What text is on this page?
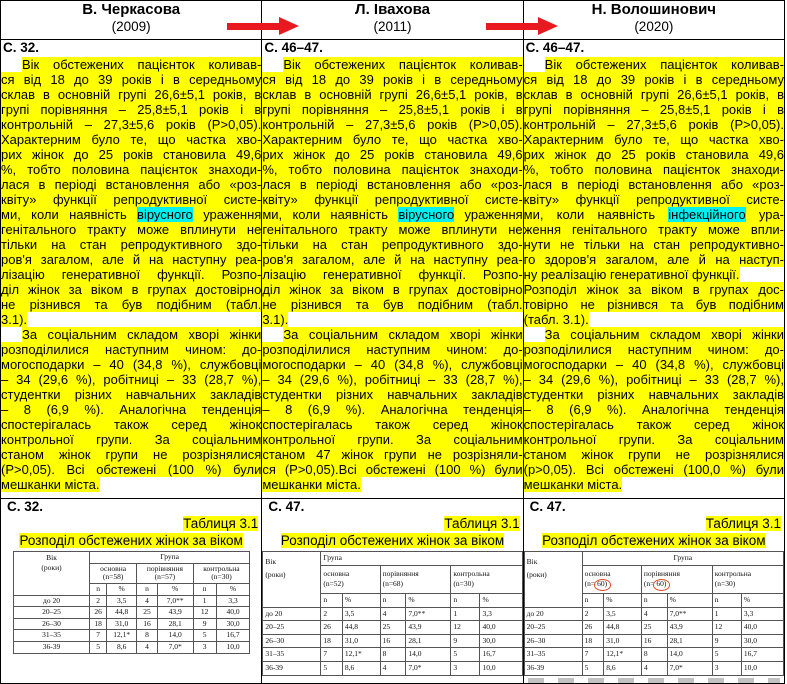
В. Черкасова
(2009)

Л. Івахова
(2011)

Н. Волошинович
(2020)

С. 32.
Вік обстежених пацієнток коливав-
ся від 18 до 39 років і в середньому
склав в основній групі 26,6±5,1 років, в
групі порівняння – 25,8±5,1 років і в
контрольній – 27,3±5,6 років (Р>0,05).
Характерним було те, що частка хво-
рих жінок до 25 років становила 49,6
%, тобто половина пацієнток знаходи-
лася в періоді встановлення або «роз-
квіту» функції репродуктивної систе-
ми, коли наявність вірусного ураження
генітального тракту може вплинути не
тільки на стан репродуктивного здо-
ров'я загалом, але й на наступну реа-
лізацію генеративної функції. Розпо-
діл жінок за віком в групах достовірно
не різнився та був подібним (табл.
3.1).
За соціальним складом хворі жінки
розподілилися наступним чином: до-
могосподарки – 40 (34,8 %), службовці
– 34 (29,6 %), робітниці – 33 (28,7 %),
студентки різних навчальних закладів
– 8 (6,9 %). Аналогічна тенденція
спостерігалась також серед жінок
контрольної групи. За соціальним
станом жінок групи не розрізнялися
(Р>0,05). Всі обстежені (100 %) були
мешканки міста.

С. 46–47.
Вік обстежених пацієнток коливав-
ся від 18 до 39 років і в середньому
склав в основній групі 26,6±5,1 років, в
групі порівняння – 25,8±5,1 років і в
контрольній – 27,3±5,6 років (Р>0,05).
Характерним було те, що частка хво-
рих жінок до 25 років становила 49,6
%, тобто половина пацієнток знаходи-
лася в періоді встановлення або «роз-
квіту» функції репродуктивної систе-
ми, коли наявність вірусного ураження
генітального тракту може вплинути не
тільки на стан репродуктивного здо-
ров'я загалом, але й на наступну реа-
лізацію генеративної функції. Розпо-
діл жінок за віком в групах достовірно
не різнився та був подібним (табл.
3.1).
За соціальним складом хворі жінки
розподілилися наступним чином: до-
могосподарки – 40 (34,8 %), службовці
– 34 (29,6 %), робітниці – 33 (28,7 %),
студентки різних навчальних закладів
– 8 (6,9 %). Аналогічна тенденція
спостерігалась також серед жінок
контрольної групи. За соціальним
станом 47 жінок групи не розрізняли-
ся (Р>0,05).Всі обстежені (100 %) були
мешканки міста.

С. 46–47.
Вік обстежених пацієнток коливав-
ся від 18 до 39 років і в середньому
склав в основній групі 26,6±5,1 років, в
групі порівняння – 25,8±5,1 років і в
контрольній – 27,3±5,6 років (Р>0,05).
Характерним було те, що частка хво-
рих жінок до 25 років становила 49,6
%, тобто половина пацієнток знаходи-
лася в періоді встановлення або «роз-
квіту» функції репродуктивної систе-
ми, коли наявність інфекційного ура-
ження генітального тракту може впли-
нути не тільки на стан репродуктивно-
го здоров'я загалом, але й на наступ-
ну реалізацію генеративної функції.
Розподіл жінок за віком в групах дос-
товірно не різнився та був подібним
(табл. 3.1).
За соціальним складом хворі жінки
розподілилися наступним чином: до-
могосподарки – 40 (34,8 %), службовці
– 34 (29,6 %), робітниці – 33 (28,7 %),
студентки різних навчальних закладів
– 8 (6,9 %). Аналогічна тенденція
спостерігалась також серед жінок
контрольної групи. За соціальним
станом жінок групи не розрізнялися
(р>0,05). Всі обстежені (100,0 %) були
мешканки міста.

С. 32.
Таблиця 3.1
Розподіл обстежених жінок за віком
Вік
(роки)
	Група

основна
(n=58)

порівняння
(n=57)

контрольна
(n=30)

n	%	n	%	n	%
до 20	2	3,5	4	7,0**	1	3,3
20–25	26	44,8	25	43,9	12	40,0
26–30	18	31,0	16	28,1	9	30,0
31–35	7	12,1*	8	14,0	5	16,7
36-39	5	8,6	4	7,0*	3	10,0

С. 47.
Таблиця 3.1
Розподіл обстежених жінок за віком
Вік
(роки)
	Група

основна
(n=52)

порівняння
(n=68)

контрольна
(n=30)

n	%	n	%	n	%
до 20	2	3,5	4	7,0**	1	3,3
20–25	26	44,8	25	43,9	12	40,0
26–30	18	31,0	16	28,1	9	30,0
31–35	7	12,1*	8	14,0	5	16,7
36-39	5	8,6	4	7,0*	3	10,0

С. 47.
Таблиця 3.1
Розподіл обстежених жінок за віком
Вік
(роки)
	Група

основна
(n= 60)

порівняння
(n= 60)

контрольна
(n=30)

n	%	n	%	n	%
до 20	2	3,5	4	7,0**	1	3,3
20–25	26	44,8	25	43,9	12	40,0
26–30	18	31,0	16	28,1	9	30,0
31–35	7	12,1*	8	14,0	5	16,7
36-39	5	8,6	4	7,0*	3	10,0
